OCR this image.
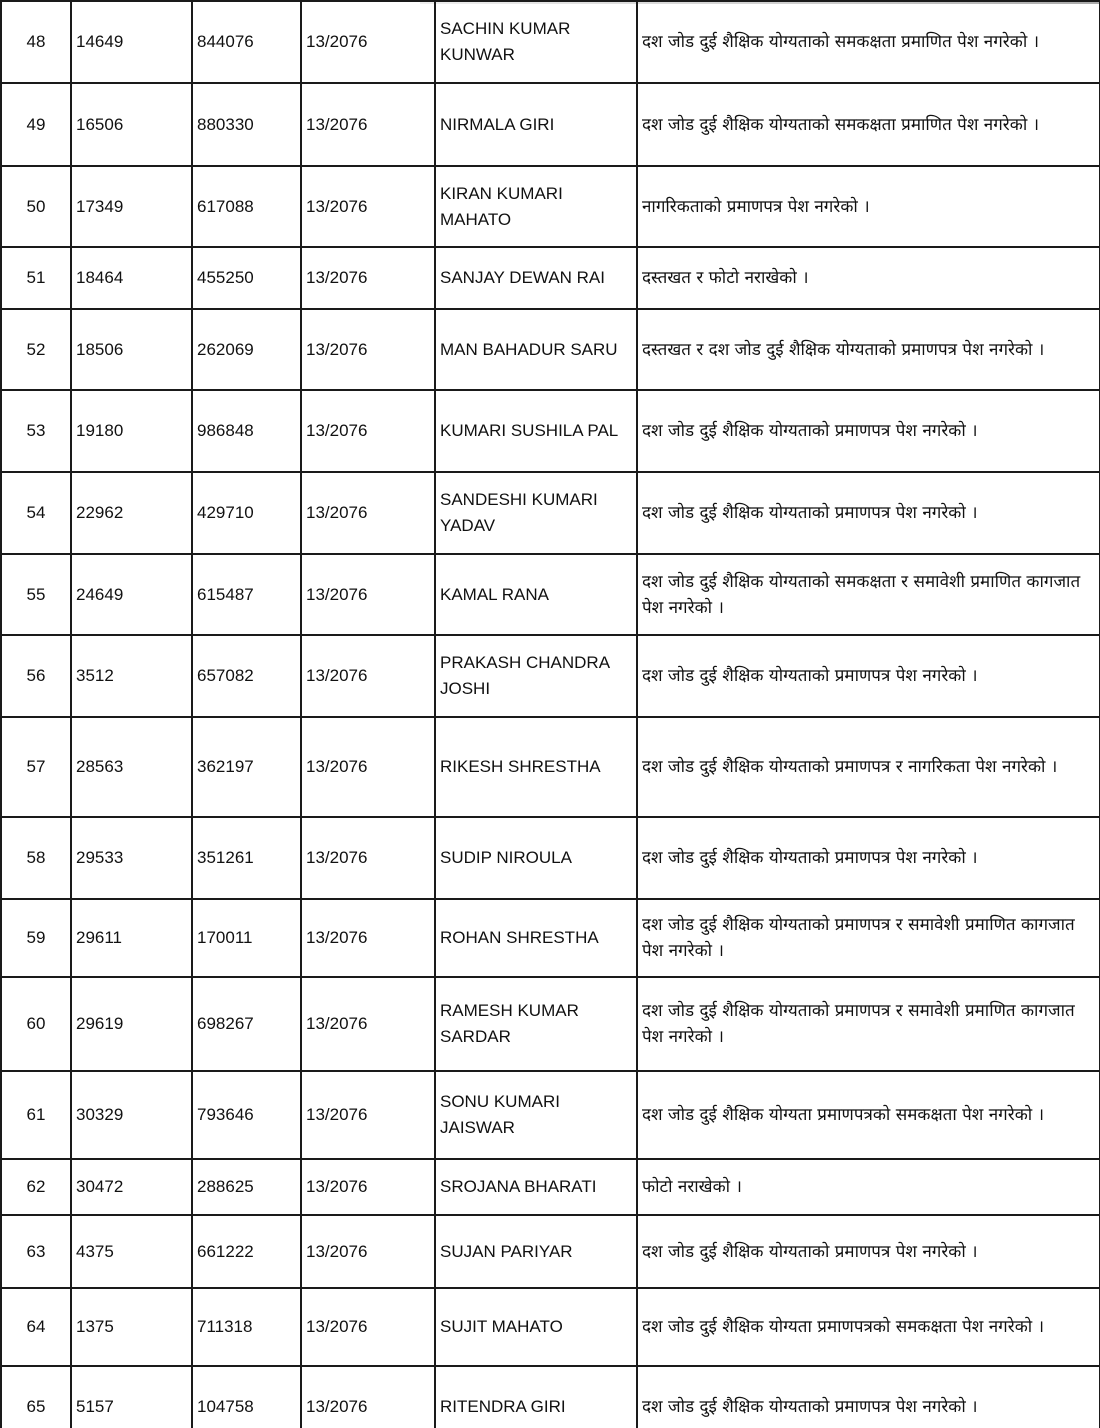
48	14649	844076	13/2076	SACHIN KUMAR KUNWAR	दश जोड दुई शैक्षिक योग्यताको समकक्षता प्रमाणित पेश नगरेको ।
49	16506	880330	13/2076	NIRMALA GIRI	दश जोड दुई शैक्षिक योग्यताको समकक्षता प्रमाणित पेश नगरेको ।
50	17349	617088	13/2076	KIRAN KUMARI MAHATO	नागरिकताको प्रमाणपत्र पेश नगरेको ।
51	18464	455250	13/2076	SANJAY DEWAN RAI	दस्तखत र फोटो नराखेको ।
52	18506	262069	13/2076	MAN BAHADUR SARU	दस्तखत र दश जोड दुई शैक्षिक योग्यताको प्रमाणपत्र पेश नगरेको ।
53	19180	986848	13/2076	KUMARI SUSHILA PAL	दश जोड दुई शैक्षिक योग्यताको प्रमाणपत्र पेश नगरेको ।
54	22962	429710	13/2076	SANDESHI KUMARI YADAV	दश जोड दुई शैक्षिक योग्यताको प्रमाणपत्र पेश नगरेको ।
55	24649	615487	13/2076	KAMAL RANA	दश जोड दुई शैक्षिक योग्यताको समकक्षता र समावेशी प्रमाणित कागजात पेश नगरेको ।
56	3512	657082	13/2076	PRAKASH CHANDRA JOSHI	दश जोड दुई शैक्षिक योग्यताको प्रमाणपत्र पेश नगरेको ।
57	28563	362197	13/2076	RIKESH SHRESTHA	दश जोड दुई शैक्षिक योग्यताको प्रमाणपत्र र नागरिकता पेश नगरेको ।
58	29533	351261	13/2076	SUDIP NIROULA	दश जोड दुई शैक्षिक योग्यताको प्रमाणपत्र पेश नगरेको ।
59	29611	170011	13/2076	ROHAN SHRESTHA	दश जोड दुई शैक्षिक योग्यताको प्रमाणपत्र र समावेशी प्रमाणित कागजात पेश नगरेको ।
60	29619	698267	13/2076	RAMESH KUMAR SARDAR	दश जोड दुई शैक्षिक योग्यताको प्रमाणपत्र र समावेशी प्रमाणित कागजात पेश नगरेको ।
61	30329	793646	13/2076	SONU KUMARI JAISWAR	दश जोड दुई शैक्षिक योग्यता प्रमाणपत्रको समकक्षता पेश नगरेको ।
62	30472	288625	13/2076	SROJANA BHARATI	फोटो नराखेको ।
63	4375	661222	13/2076	SUJAN PARIYAR	दश जोड दुई शैक्षिक योग्यताको प्रमाणपत्र पेश नगरेको ।
64	1375	711318	13/2076	SUJIT MAHATO	दश जोड दुई शैक्षिक योग्यता प्रमाणपत्रको समकक्षता पेश नगरेको ।
65	5157	104758	13/2076	RITENDRA GIRI	दश जोड दुई शैक्षिक योग्यताको प्रमाणपत्र पेश नगरेको ।
